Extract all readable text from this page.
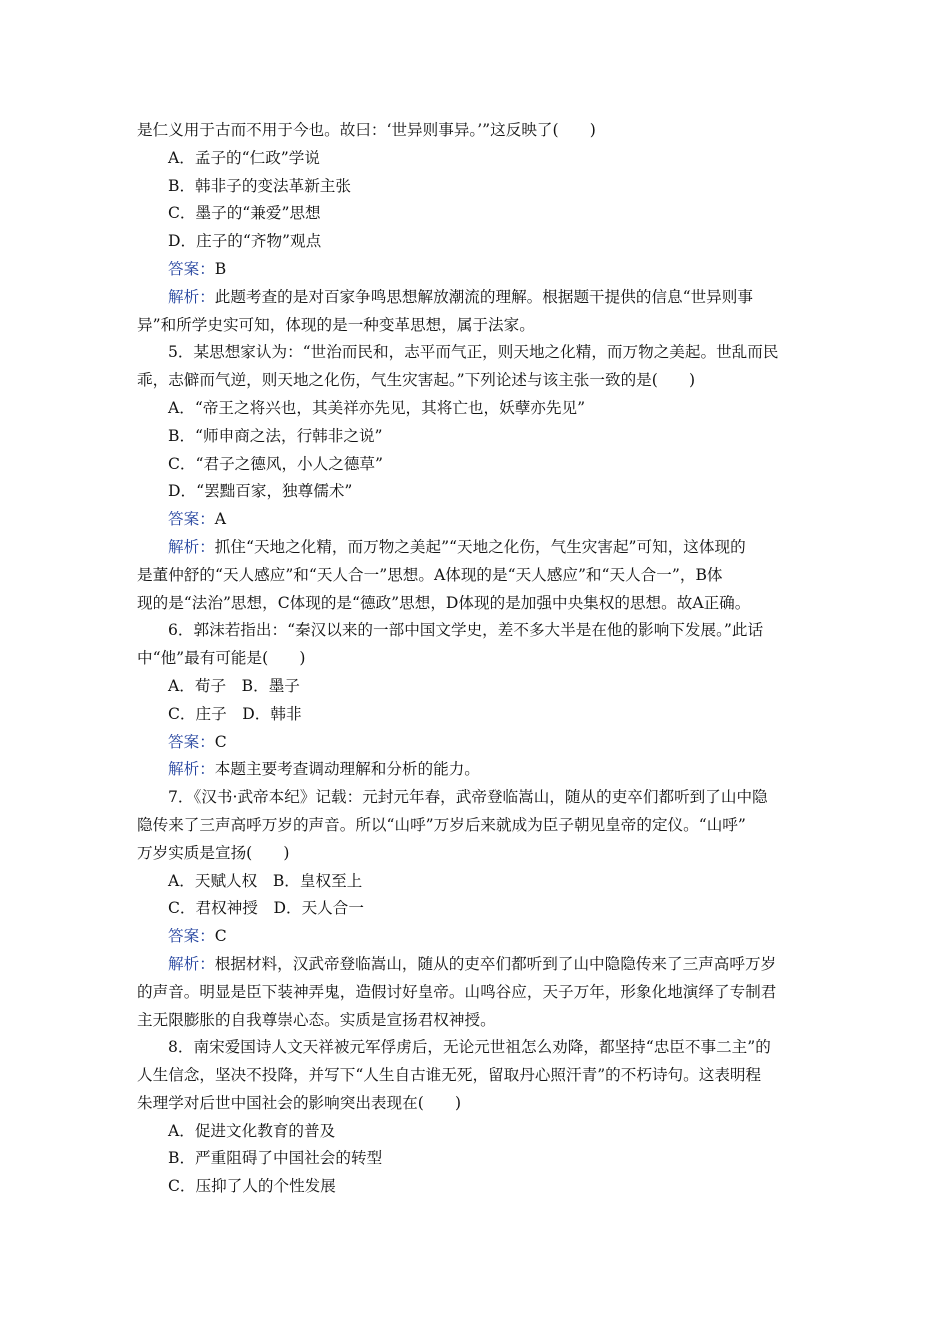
是仁义用于古而不用于今也。故曰：‘世异则事异。’”这反映了(　　)
A．孟子的“仁政”学说
B．韩非子的变法革新主张
C．墨子的“兼爱”思想
D．庄子的“齐物”观点
答案：B
解析：此题考查的是对百家争鸣思想解放潮流的理解。根据题干提供的信息“世异则事
异”和所学史实可知，体现的是一种变革思想，属于法家。
5．某思想家认为：“世治而民和，志平而气正，则天地之化精，而万物之美起。世乱而民
乖，志僻而气逆，则天地之化伤，气生灾害起。”下列论述与该主张一致的是(　　)
A．“帝王之将兴也，其美祥亦先见，其将亡也，妖孽亦先见”
B．“师申商之法，行韩非之说”
C．“君子之德风，小人之德草”
D．“罢黜百家，独尊儒术”
答案：A
解析：抓住“天地之化精，而万物之美起”“天地之化伤，气生灾害起”可知，这体现的
是董仲舒的“天人感应”和“天人合一”思想。A体现的是“天人感应”和“天人合一”，B体
现的是“法治”思想，C体现的是“德政”思想，D体现的是加强中央集权的思想。故A正确。
6．郭沫若指出：“秦汉以来的一部中国文学史，差不多大半是在他的影响下发展。”此话
中“他”最有可能是(　　)
A．荀子　B．墨子
C．庄子　D．韩非
答案：C
解析：本题主要考查调动理解和分析的能力。
7．《汉书·武帝本纪》记载：元封元年春，武帝登临嵩山，随从的吏卒们都听到了山中隐
隐传来了三声高呼万岁的声音。所以“山呼”万岁后来就成为臣子朝见皇帝的定仪。“山呼”
万岁实质是宣扬(　　)
A．天赋人权　B．皇权至上
C．君权神授　D．天人合一
答案：C
解析：根据材料，汉武帝登临嵩山，随从的吏卒们都听到了山中隐隐传来了三声高呼万岁
的声音。明显是臣下装神弄鬼，造假讨好皇帝。山鸣谷应，天子万年，形象化地演绎了专制君
主无限膨胀的自我尊崇心态。实质是宣扬君权神授。
8．南宋爱国诗人文天祥被元军俘虏后，无论元世祖怎么劝降，都坚持“忠臣不事二主”的
人生信念，坚决不投降，并写下“人生自古谁无死，留取丹心照汗青”的不朽诗句。这表明程
朱理学对后世中国社会的影响突出表现在(　　)
A．促进文化教育的普及
B．严重阻碍了中国社会的转型
C．压抑了人的个性发展
